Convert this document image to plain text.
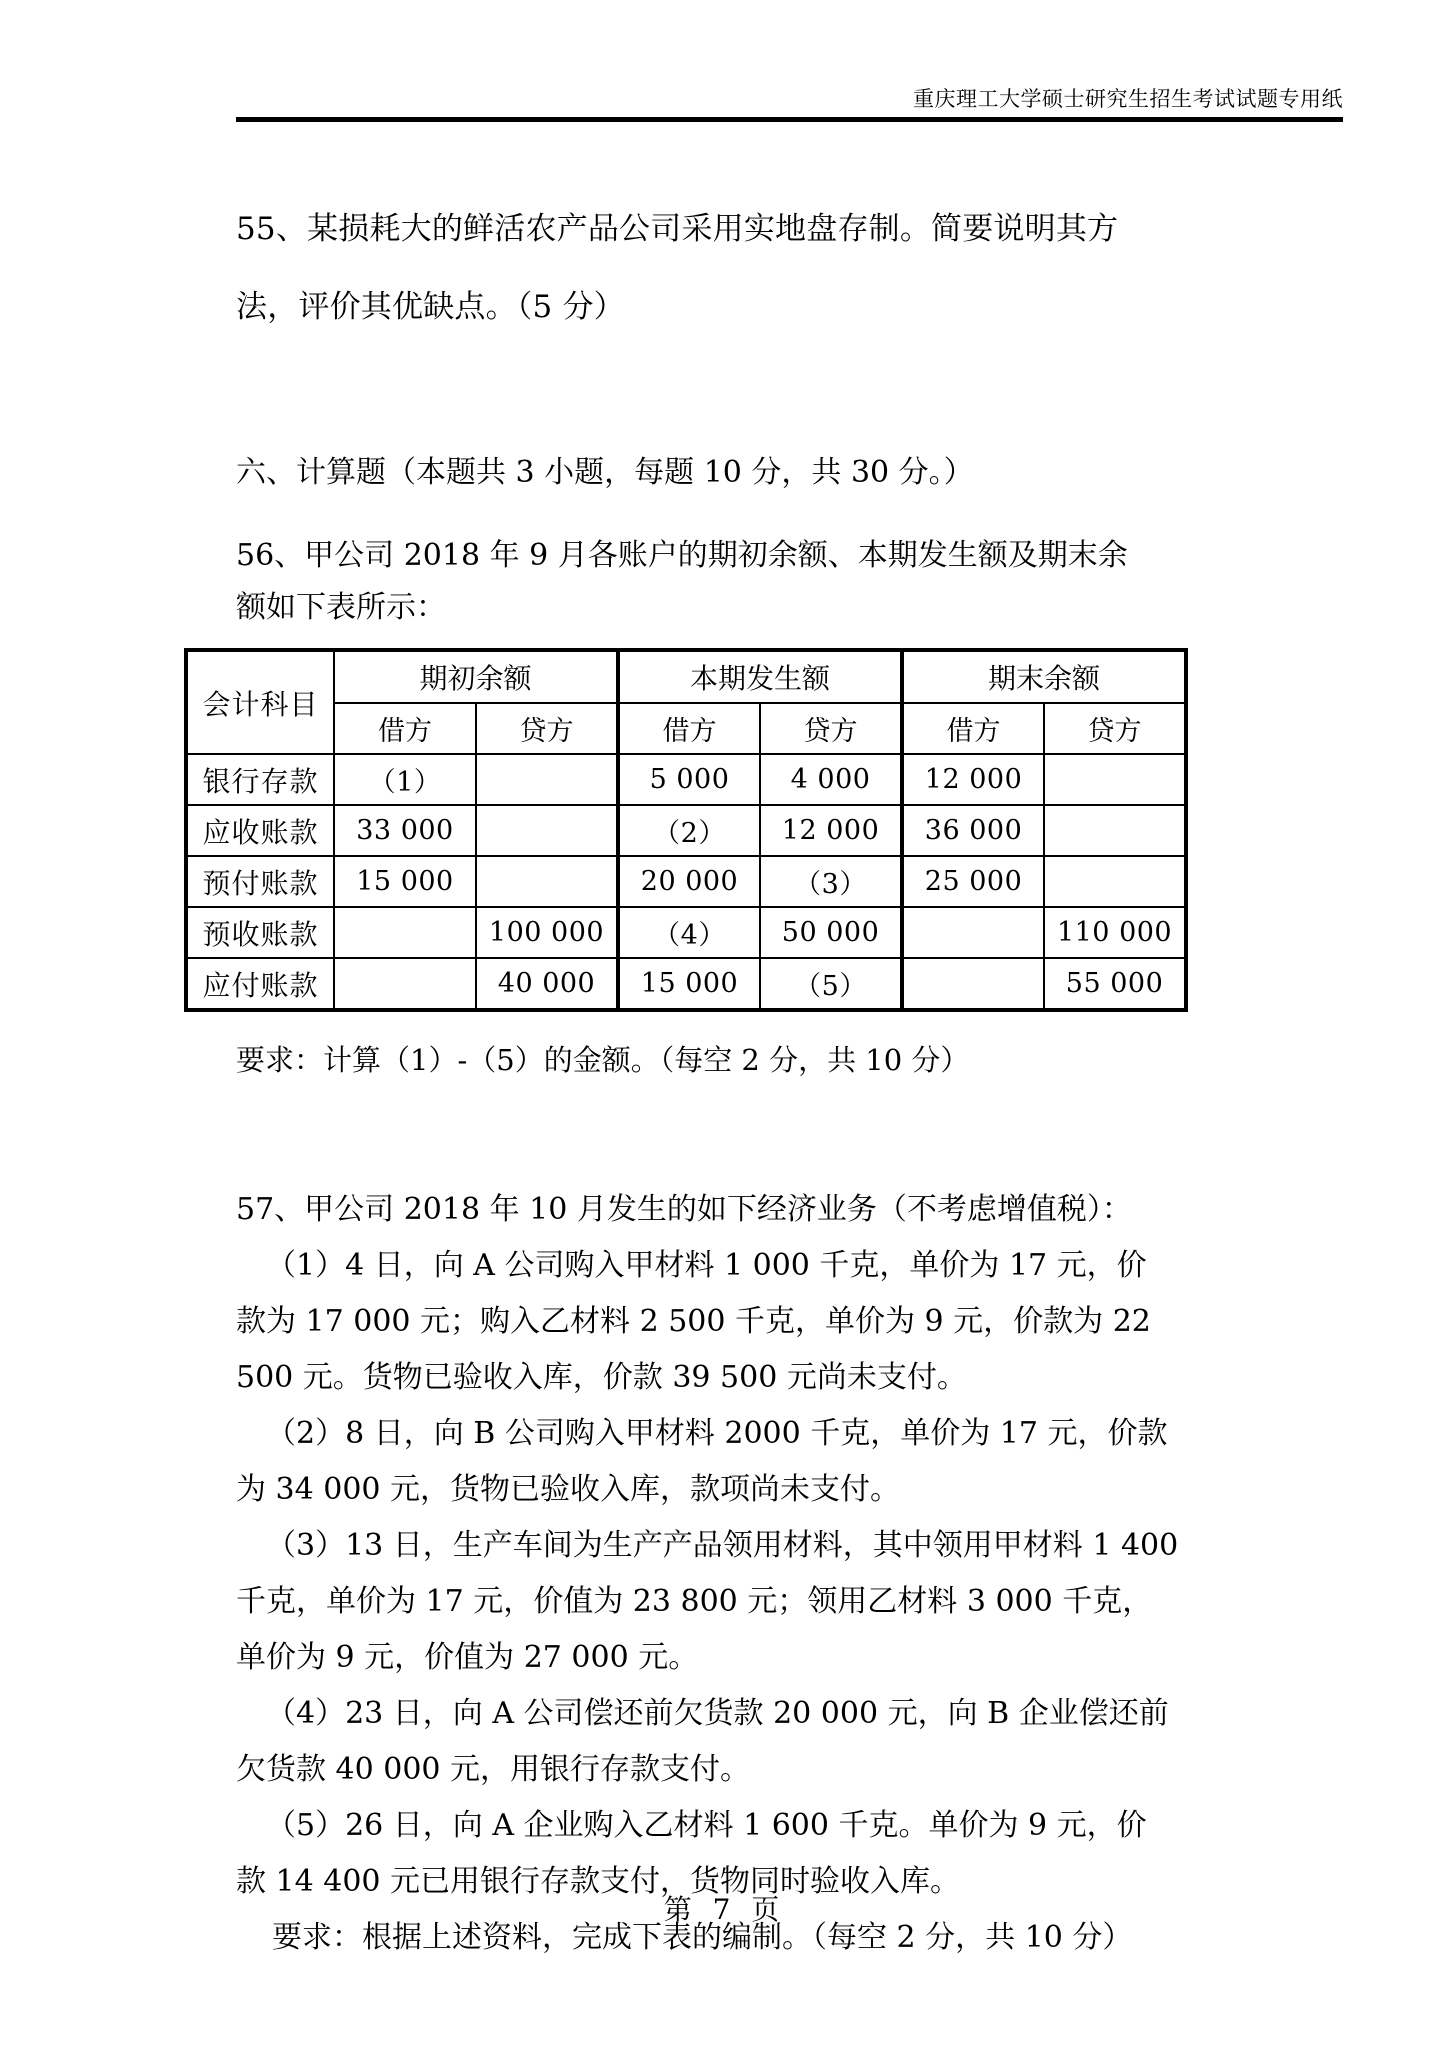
重庆理工大学硕士研究生招生考试试题专用纸
55、某损耗大的鲜活农产品公司采用实地盘存制。简要说明其方
法，评价其优缺点。（5 分）
六、计算题（本题共 3 小题，每题 10 分，共 30 分。）
56、甲公司 2018 年 9 月各账户的期初余额、本期发生额及期末余
额如下表所示：
会计科目	期初余额		本期发生额		期末余额	
	借方	贷方	借方	贷方	借方	贷方
银行存款	（1）		5 000	4 000	12 000	
应收账款	33 000		（2）	12 000	36 000	
预付账款	15 000		20 000	（3）	25 000	
预收账款		100 000	（4）	50 000		110 000
应付账款		40 000	15 000	（5）		55 000
要求：计算（1）-（5）的金额。（每空 2 分，共 10 分）
57、甲公司 2018 年 10 月发生的如下经济业务（不考虑增值税）：
（1）4 日，向 A 公司购入甲材料 1 000 千克，单价为 17 元，价
款为 17 000 元；购入乙材料 2 500 千克，单价为 9 元，价款为 22
500 元。货物已验收入库，价款 39 500 元尚未支付。
（2）8 日，向 B 公司购入甲材料 2000 千克，单价为 17 元，价款
为 34 000 元，货物已验收入库，款项尚未支付。
（3）13 日，生产车间为生产产品领用材料，其中领用甲材料 1 400
千克，单价为 17 元，价值为 23 800 元；领用乙材料 3 000 千克，
单价为 9 元，价值为 27 000 元。
（4）23 日，向 A 公司偿还前欠货款 20 000 元，向 B 企业偿还前
欠货款 40 000 元，用银行存款支付。
（5）26 日，向 A 企业购入乙材料 1 600 千克。单价为 9 元，价
款 14 400 元已用银行存款支付，货物同时验收入库。
要求：根据上述资料，完成下表的编制。（每空 2 分，共 10 分）
第 7 页
